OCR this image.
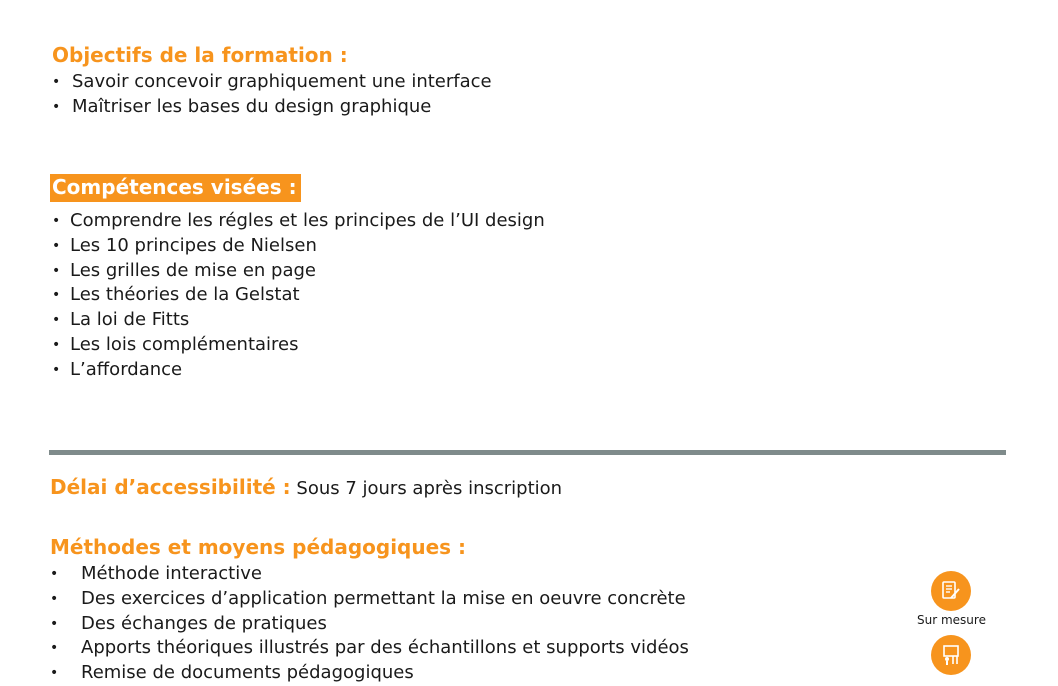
Objectifs de la formation :
• Savoir concevoir graphiquement une interface
• Maîtriser les bases du design graphique
Compétences visées :
• Comprendre les régles et les principes de l’UI design
• Les 10 principes de Nielsen
• Les grilles de mise en page
• Les théories de la Gelstat
• La loi de Fitts
• Les lois complémentaires
• L’affordance
Délai d’accessibilité : Sous 7 jours après inscription
Méthodes et moyens pédagogiques :
• Méthode interactive
• Des exercices d’application permettant la mise en oeuvre concrète
• Des échanges de pratiques
• Apports théoriques illustrés par des échantillons et supports vidéos
• Remise de documents pédagogiques
Sur mesure
